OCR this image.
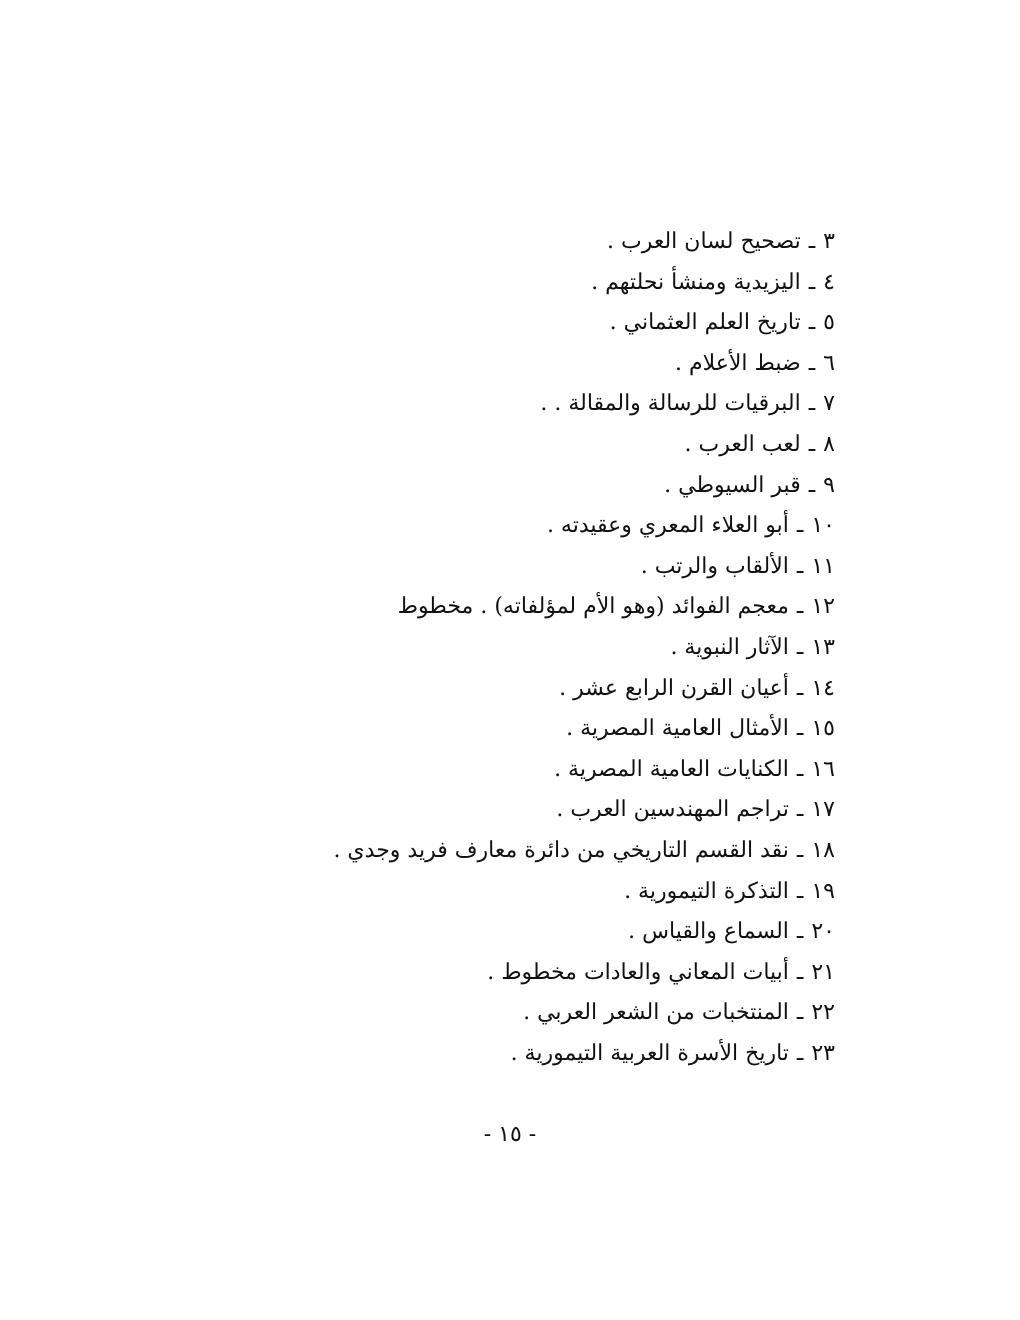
٣
ـ
تصحيح لسان العرب .
٤
ـ
اليزيدية ومنشأ نحلتهم .
٥
ـ
تاريخ العلم العثماني .
٦
ـ
ضبط الأعلام .
٧
ـ
البرقيات للرسالة والمقالة . .
٨
ـ
لعب العرب .
٩
ـ
قبر السيوطي .
١٠
ـ
أبو العلاء المعري وعقيدته .
١١
ـ
الألقاب والرتب .
١٢
ـ
معجم الفوائد (وهو الأم لمؤلفاته) . مخطوط
١٣
ـ
الآثار النبوية .
١٤
ـ
أعيان القرن الرابع عشر .
١٥
ـ
الأمثال العامية المصرية .
١٦
ـ
الكنايات العامية المصرية .
١٧
ـ
تراجم المهندسين العرب .
١٨
ـ
نقد القسم التاريخي من دائرة معارف فريد وجدي .
١٩
ـ
التذكرة التيمورية .
٢٠
ـ
السماع والقياس .
٢١
ـ
أبيات المعاني والعادات مخطوط .
٢٢
ـ
المنتخبات من الشعر العربي .
٢٣
ـ
تاريخ الأسرة العربية التيمورية .
- ١٥ -
